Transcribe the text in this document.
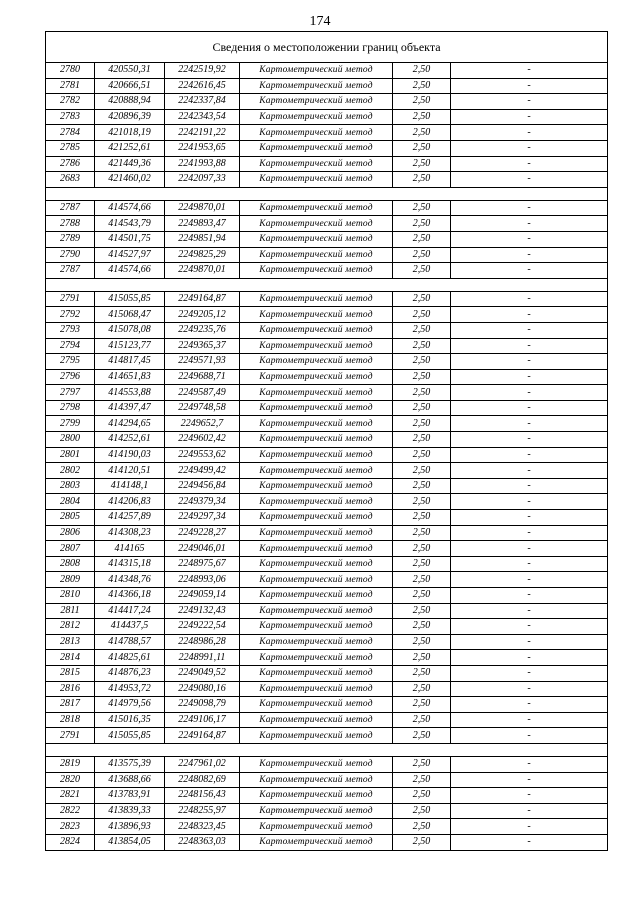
174
Сведения о местоположении границ объекта					
2780	420550,31	2242519,92	Картометрический метод	2,50	-
2781	420666,51	2242616,45	Картометрический метод	2,50	-
2782	420888,94	2242337,84	Картометрический метод	2,50	-
2783	420896,39	2242343,54	Картометрический метод	2,50	-
2784	421018,19	2242191,22	Картометрический метод	2,50	-
2785	421252,61	2241953,65	Картометрический метод	2,50	-
2786	421449,36	2241993,88	Картометрический метод	2,50	-
2683	421460,02	2242097,33	Картометрический метод	2,50	-

2787	414574,66	2249870,01	Картометрический метод	2,50	-
2788	414543,79	2249893,47	Картометрический метод	2,50	-
2789	414501,75	2249851,94	Картометрический метод	2,50	-
2790	414527,97	2249825,29	Картометрический метод	2,50	-
2787	414574,66	2249870,01	Картометрический метод	2,50	-

2791	415055,85	2249164,87	Картометрический метод	2,50	-
2792	415068,47	2249205,12	Картометрический метод	2,50	-
2793	415078,08	2249235,76	Картометрический метод	2,50	-
2794	415123,77	2249365,37	Картометрический метод	2,50	-
2795	414817,45	2249571,93	Картометрический метод	2,50	-
2796	414651,83	2249688,71	Картометрический метод	2,50	-
2797	414553,88	2249587,49	Картометрический метод	2,50	-
2798	414397,47	2249748,58	Картометрический метод	2,50	-
2799	414294,65	2249652,7	Картометрический метод	2,50	-
2800	414252,61	2249602,42	Картометрический метод	2,50	-
2801	414190,03	2249553,62	Картометрический метод	2,50	-
2802	414120,51	2249499,42	Картометрический метод	2,50	-
2803	414148,1	2249456,84	Картометрический метод	2,50	-
2804	414206,83	2249379,34	Картометрический метод	2,50	-
2805	414257,89	2249297,34	Картометрический метод	2,50	-
2806	414308,23	2249228,27	Картометрический метод	2,50	-
2807	414165	2249046,01	Картометрический метод	2,50	-
2808	414315,18	2248975,67	Картометрический метод	2,50	-
2809	414348,76	2248993,06	Картометрический метод	2,50	-
2810	414366,18	2249059,14	Картометрический метод	2,50	-
2811	414417,24	2249132,43	Картометрический метод	2,50	-
2812	414437,5	2249222,54	Картометрический метод	2,50	-
2813	414788,57	2248986,28	Картометрический метод	2,50	-
2814	414825,61	2248991,11	Картометрический метод	2,50	-
2815	414876,23	2249049,52	Картометрический метод	2,50	-
2816	414953,72	2249080,16	Картометрический метод	2,50	-
2817	414979,56	2249098,79	Картометрический метод	2,50	-
2818	415016,35	2249106,17	Картометрический метод	2,50	-
2791	415055,85	2249164,87	Картометрический метод	2,50	-

2819	413575,39	2247961,02	Картометрический метод	2,50	-
2820	413688,66	2248082,69	Картометрический метод	2,50	-
2821	413783,91	2248156,43	Картометрический метод	2,50	-
2822	413839,33	2248255,97	Картометрический метод	2,50	-
2823	413896,93	2248323,45	Картометрический метод	2,50	-
2824	413854,05	2248363,03	Картометрический метод	2,50	-
